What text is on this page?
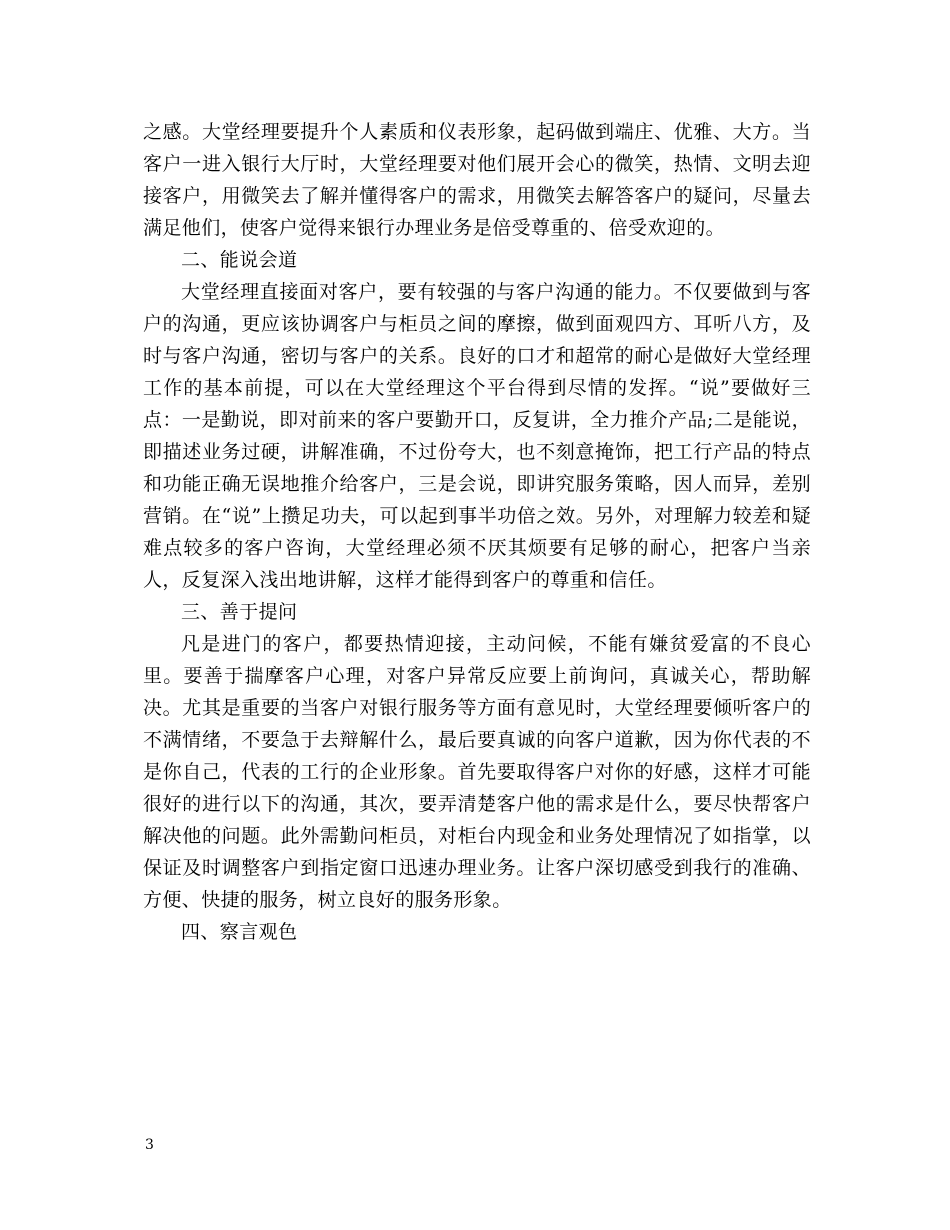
之感。大堂经理要提升个人素质和仪表形象，起码做到端庄、优雅、大方。当客户一进入银行大厅时，大堂经理要对他们展开会心的微笑，热情、文明去迎接客户，用微笑去了解并懂得客户的需求，用微笑去解答客户的疑问，尽量去满足他们，使客户觉得来银行办理业务是倍受尊重的、倍受欢迎的。

二、能说会道

大堂经理直接面对客户，要有较强的与客户沟通的能力。不仅要做到与客户的沟通，更应该协调客户与柜员之间的摩擦，做到面观四方、耳听八方，及时与客户沟通，密切与客户的关系。良好的口才和超常的耐心是做好大堂经理工作的基本前提，可以在大堂经理这个平台得到尽情的发挥。“说”要做好三点：一是勤说，即对前来的客户要勤开口，反复讲，全力推介产品;二是能说，即描述业务过硬，讲解准确，不过份夸大，也不刻意掩饰，把工行产品的特点和功能正确无误地推介给客户，三是会说，即讲究服务策略，因人而异，差别营销。在“说”上攒足功夫，可以起到事半功倍之效。另外，对理解力较差和疑难点较多的客户咨询，大堂经理必须不厌其烦要有足够的耐心，把客户当亲人，反复深入浅出地讲解，这样才能得到客户的尊重和信任。

三、善于提问

凡是进门的客户，都要热情迎接，主动问候，不能有嫌贫爱富的不良心里。要善于揣摩客户心理，对客户异常反应要上前询问，真诚关心，帮助解决。尤其是重要的当客户对银行服务等方面有意见时，大堂经理要倾听客户的不满情绪，不要急于去辩解什么，最后要真诚的向客户道歉，因为你代表的不是你自己，代表的工行的企业形象。首先要取得客户对你的好感，这样才可能很好的进行以下的沟通，其次，要弄清楚客户他的需求是什么，要尽快帮客户解决他的问题。此外需勤问柜员，对柜台内现金和业务处理情况了如指掌，以保证及时调整客户到指定窗口迅速办理业务。让客户深切感受到我行的准确、方便、快捷的服务，树立良好的服务形象。

四、察言观色

3
